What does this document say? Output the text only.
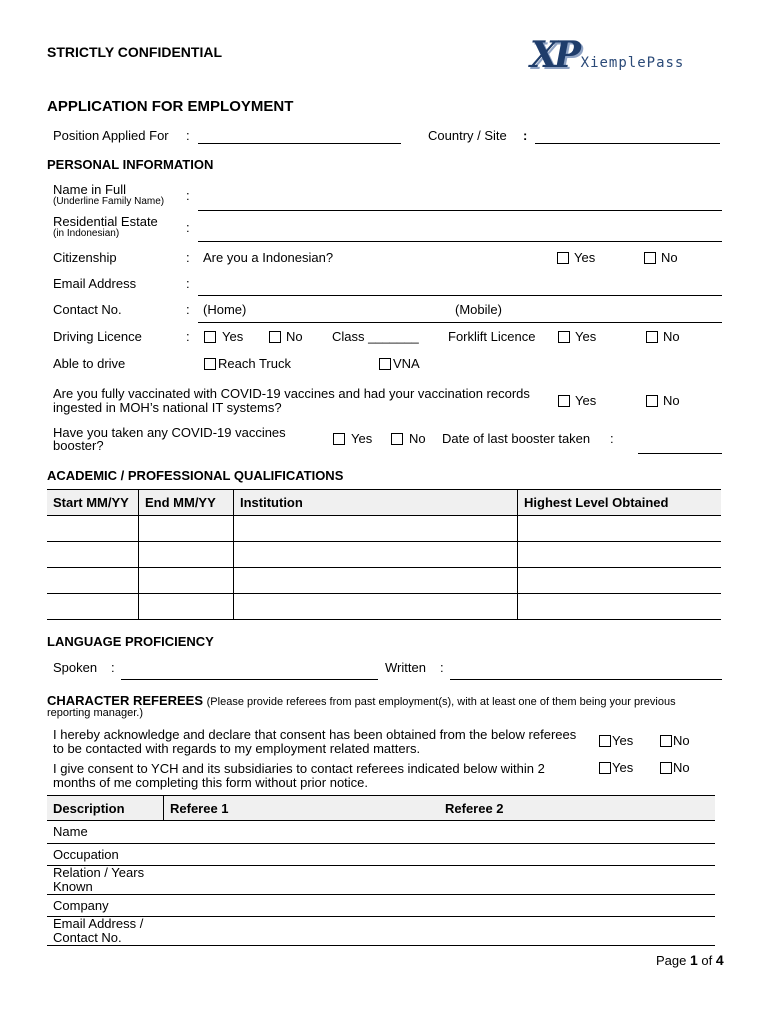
STRICTLY CONFIDENTIAL	XP XiemplePass
APPLICATION FOR EMPLOYMENT
Position Applied For :	Country / Site :
PERSONAL INFORMATION
Name in Full
(Underline Family Name) :
Residential Estate
(in Indonesian)	:
Citizenship	: Are you a Indonesian?	Yes	No
Email Address	:
Contact No.	: (Home)	(Mobile)
Driving Licence	: Yes	No Class _______ Forklift Licence	Yes	No
Able to drive	Reach Truck	VNA
Are you fully vaccinated with COVID-19 vaccines and had your vaccination records
ingested in MOH’s national IT systems?	Yes	No
Have you taken any COVID-19 vaccines
booster?	Yes	No Date of last booster taken :
ACADEMIC / PROFESSIONAL QUALIFICATIONS
Start MM/YY	End MM/YY	Institution	Highest Level Obtained

LANGUAGE PROFICIENCY
Spoken :	Written :
CHARACTER REFEREES (Please provide referees from past employment(s), with at least one of them being your previous
reporting manager.)
I hereby acknowledge and declare that consent has been obtained from the below referees
to be contacted with regards to my employment related matters.
Yes	No
I give consent to YCH and its subsidiaries to contact referees indicated below within 2
months of me completing this form without prior notice.
Yes	No
Description	Referee 1	Referee 2
Name		
Occupation		
Relation / Years Known		
Company		
Email Address / Contact No.		
Page 1 of 4
